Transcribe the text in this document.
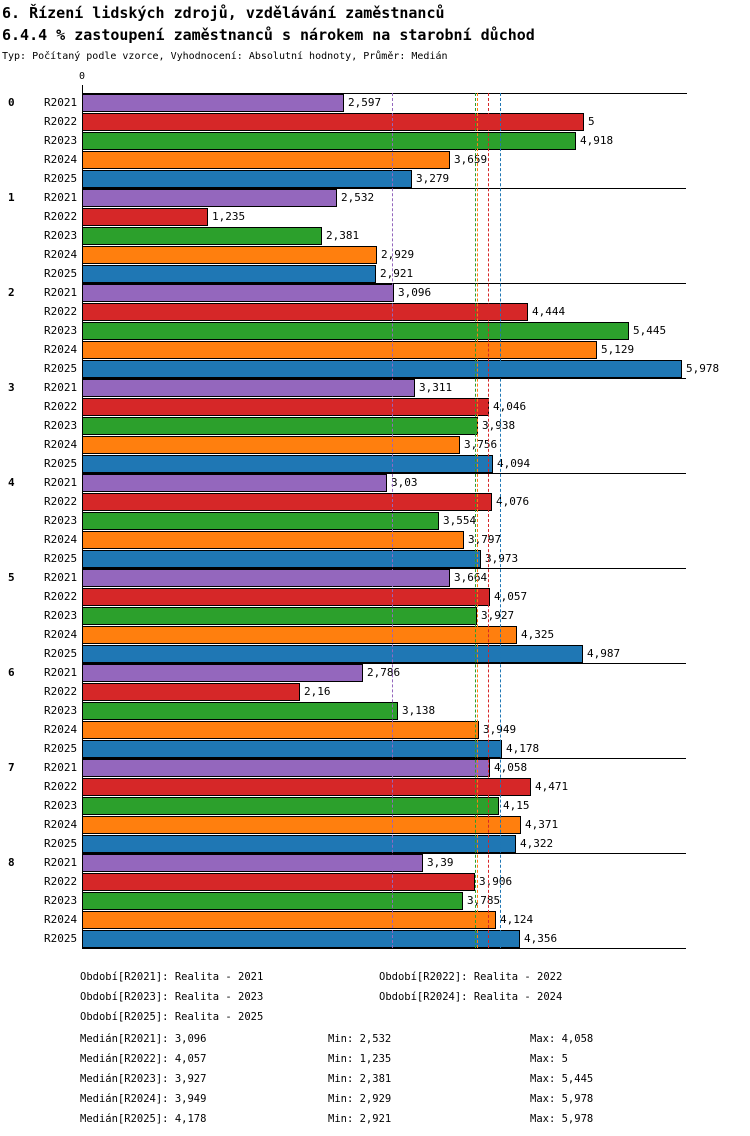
6. Řízení lidských zdrojů, vzdělávání zaměstnanců
6.4.4 % zastoupení zaměstnanců s nárokem na starobní důchod
Typ: Počítaný podle vzorce, Vyhodnocení: Absolutní hodnoty, Průměr: Medián
0
0	R2021	2,597
R2022	5
R2023	4,918
R2024	3,659
R2025	3,279
1	R2021	2,532
R2022	1,235
R2023	2,381
R2024	2,929
R2025	2,921
2	R2021	3,096
R2022	4,444
R2023	5,445
R2024	5,129
R2025	5,978
3	R2021	3,311
R2022	4,046
R2023	3,938
R2024	3,756
R2025	4,094
4	R2021	3,03
R2022	4,076
R2023	3,554
R2024	3,797
R2025	3,973
5	R2021	3,664
R2022	4,057
R2023	3,927
R2024	4,325
R2025	4,987
6	R2021	2,786
R2022	2,16
R2023	3,138
R2024	3,949
R2025	4,178
7	R2021	4,058
R2022	4,471
R2023	4,15
R2024	4,371
R2025	4,322
8	R2021	3,39
R2022	3,906
R2023	3,785
R2024	4,124
R2025	4,356
Období[R2021]: Realita - 2021	Období[R2022]: Realita - 2022
Období[R2023]: Realita - 2023	Období[R2024]: Realita - 2024
Období[R2025]: Realita - 2025
Medián[R2021]: 3,096	Min: 2,532	Max: 4,058
Medián[R2022]: 4,057	Min: 1,235	Max: 5
Medián[R2023]: 3,927	Min: 2,381	Max: 5,445
Medián[R2024]: 3,949	Min: 2,929	Max: 5,978
Medián[R2025]: 4,178	Min: 2,921	Max: 5,978
